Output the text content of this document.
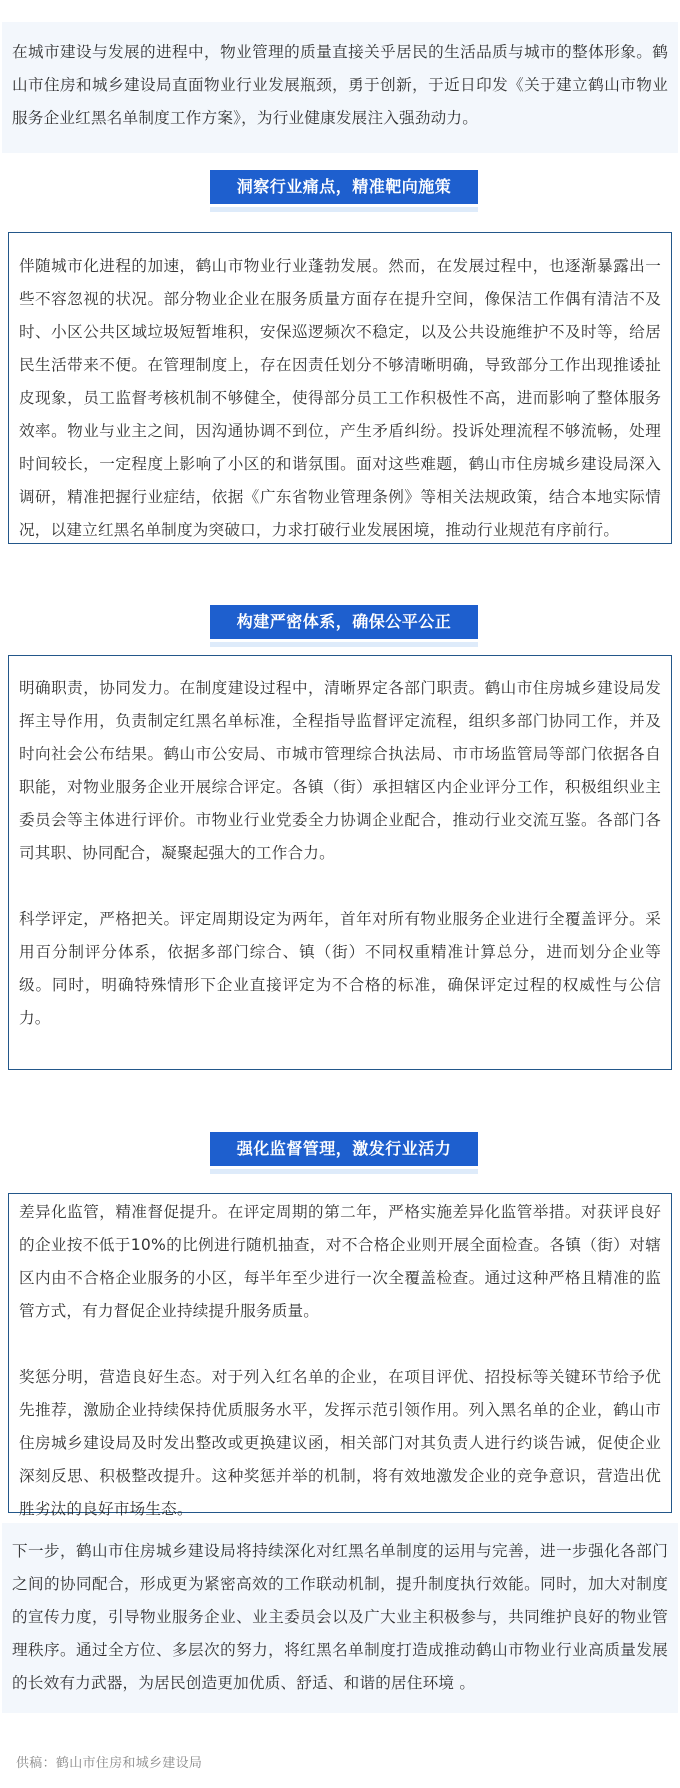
在城市建设与发展的进程中，物业管理的质量直接关乎居民的生活品质与城市的整体形象。鹤山市住房和城乡建设局直面物业行业发展瓶颈，勇于创新，于近日印发《关于建立鹤山市物业服务企业红黑名单制度工作方案》，为行业健康发展注入强劲动力。

洞察行业痛点，精准靶向施策

伴随城市化进程的加速，鹤山市物业行业蓬勃发展。然而，在发展过程中，也逐渐暴露出一些不容忽视的状况。部分物业企业在服务质量方面存在提升空间，像保洁工作偶有清洁不及时、小区公共区域垃圾短暂堆积，安保巡逻频次不稳定，以及公共设施维护不及时等，给居民生活带来不便。在管理制度上，存在因责任划分不够清晰明确，导致部分工作出现推诿扯皮现象，员工监督考核机制不够健全，使得部分员工工作积极性不高，进而影响了整体服务效率。物业与业主之间，因沟通协调不到位，产生矛盾纠纷。投诉处理流程不够流畅，处理时间较长，一定程度上影响了小区的和谐氛围。面对这些难题，鹤山市住房城乡建设局深入调研，精准把握行业症结，依据《广东省物业管理条例》等相关法规政策，结合本地实际情况，以建立红黑名单制度为突破口，力求打破行业发展困境，推动行业规范有序前行。

构建严密体系，确保公平公正

明确职责，协同发力。在制度建设过程中，清晰界定各部门职责。鹤山市住房城乡建设局发挥主导作用，负责制定红黑名单标准，全程指导监督评定流程，组织多部门协同工作，并及时向社会公布结果。鹤山市公安局、市城市管理综合执法局、市市场监管局等部门依据各自职能，对物业服务企业开展综合评定。各镇（街）承担辖区内企业评分工作，积极组织业主委员会等主体进行评价。市物业行业党委全力协调企业配合，推动行业交流互鉴。各部门各司其职、协同配合，凝聚起强大的工作合力。

科学评定，严格把关。评定周期设定为两年，首年对所有物业服务企业进行全覆盖评分。采用百分制评分体系，依据多部门综合、镇（街）不同权重精准计算总分，进而划分企业等级。同时，明确特殊情形下企业直接评定为不合格的标准，确保评定过程的权威性与公信力。

强化监督管理，激发行业活力

差异化监管，精准督促提升。在评定周期的第二年，严格实施差异化监管举措。对获评良好的企业按不低于10%的比例进行随机抽查，对不合格企业则开展全面检查。各镇（街）对辖区内由不合格企业服务的小区，每半年至少进行一次全覆盖检查。通过这种严格且精准的监管方式，有力督促企业持续提升服务质量。

奖惩分明，营造良好生态。对于列入红名单的企业，在项目评优、招投标等关键环节给予优先推荐，激励企业持续保持优质服务水平，发挥示范引领作用。列入黑名单的企业，鹤山市住房城乡建设局及时发出整改或更换建议函，相关部门对其负责人进行约谈告诫，促使企业深刻反思、积极整改提升。这种奖惩并举的机制，将有效地激发企业的竞争意识，营造出优胜劣汰的良好市场生态。

下一步，鹤山市住房城乡建设局将持续深化对红黑名单制度的运用与完善，进一步强化各部门之间的协同配合，形成更为紧密高效的工作联动机制，提升制度执行效能。同时，加大对制度的宣传力度，引导物业服务企业、业主委员会以及广大业主积极参与，共同维护良好的物业管理秩序。通过全方位、多层次的努力，将红黑名单制度打造成推动鹤山市物业行业高质量发展的长效有力武器，为居民创造更加优质、舒适、和谐的居住环境 。

供稿：鹤山市住房和城乡建设局
